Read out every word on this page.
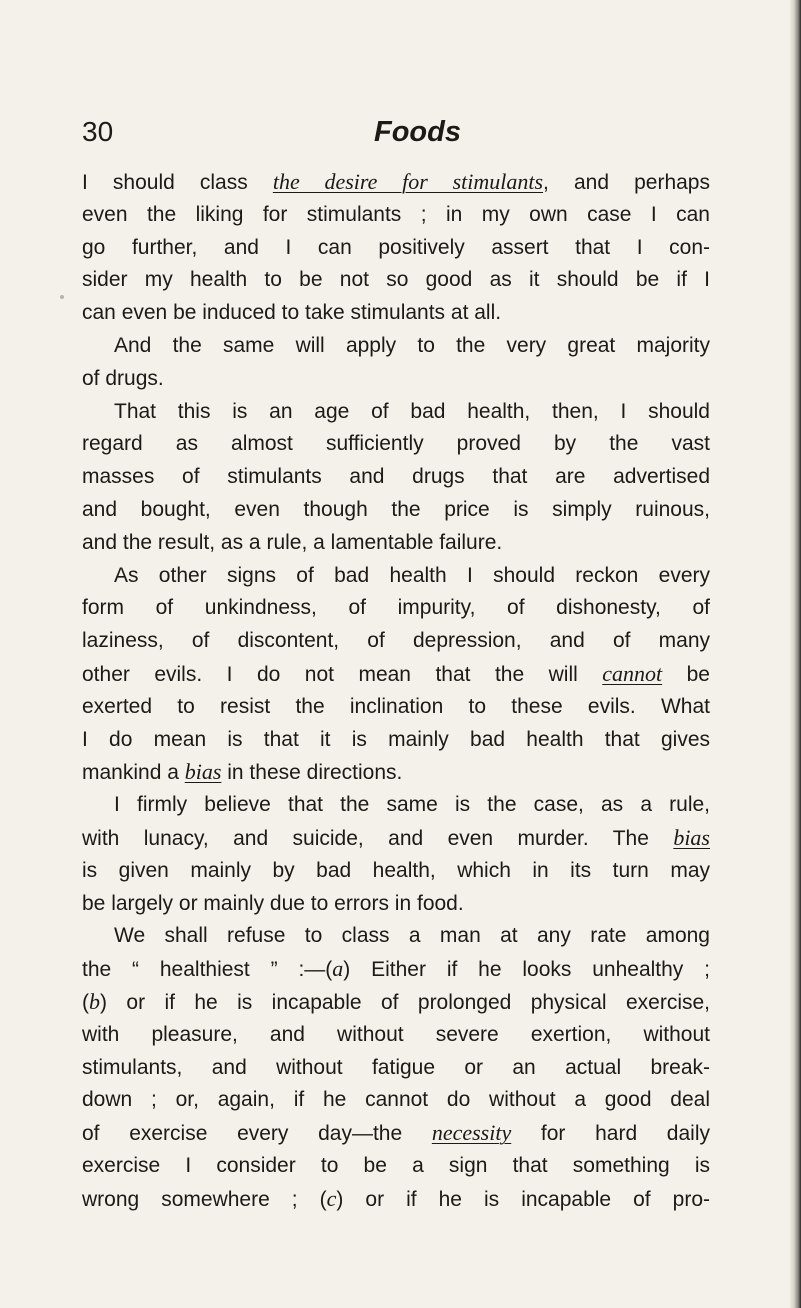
30	Foods
I should class the desire for stimulants, and perhaps
even the liking for stimulants ; in my own case I can
go further, and I can positively assert that I con-
sider my health to be not so good as it should be if I
can even be induced to take stimulants at all.
And the same will apply to the very great majority
of drugs.
That this is an age of bad health, then, I should
regard as almost sufficiently proved by the vast
masses of stimulants and drugs that are advertised
and bought, even though the price is simply ruinous,
and the result, as a rule, a lamentable failure.
As other signs of bad health I should reckon every
form of unkindness, of impurity, of dishonesty, of
laziness, of discontent, of depression, and of many
other evils. I do not mean that the will cannot be
exerted to resist the inclination to these evils. What
I do mean is that it is mainly bad health that gives
mankind a bias in these directions.
I firmly believe that the same is the case, as a rule,
with lunacy, and suicide, and even murder. The bias
is given mainly by bad health, which in its turn may
be largely or mainly due to errors in food.
We shall refuse to class a man at any rate among
the “ healthiest ” :—(a) Either if he looks unhealthy ;
(b) or if he is incapable of prolonged physical exercise,
with pleasure, and without severe exertion, without
stimulants, and without fatigue or an actual break-
down ; or, again, if he cannot do without a good deal
of exercise every day—the necessity for hard daily
exercise I consider to be a sign that something is
wrong somewhere ; (c) or if he is incapable of pro-
